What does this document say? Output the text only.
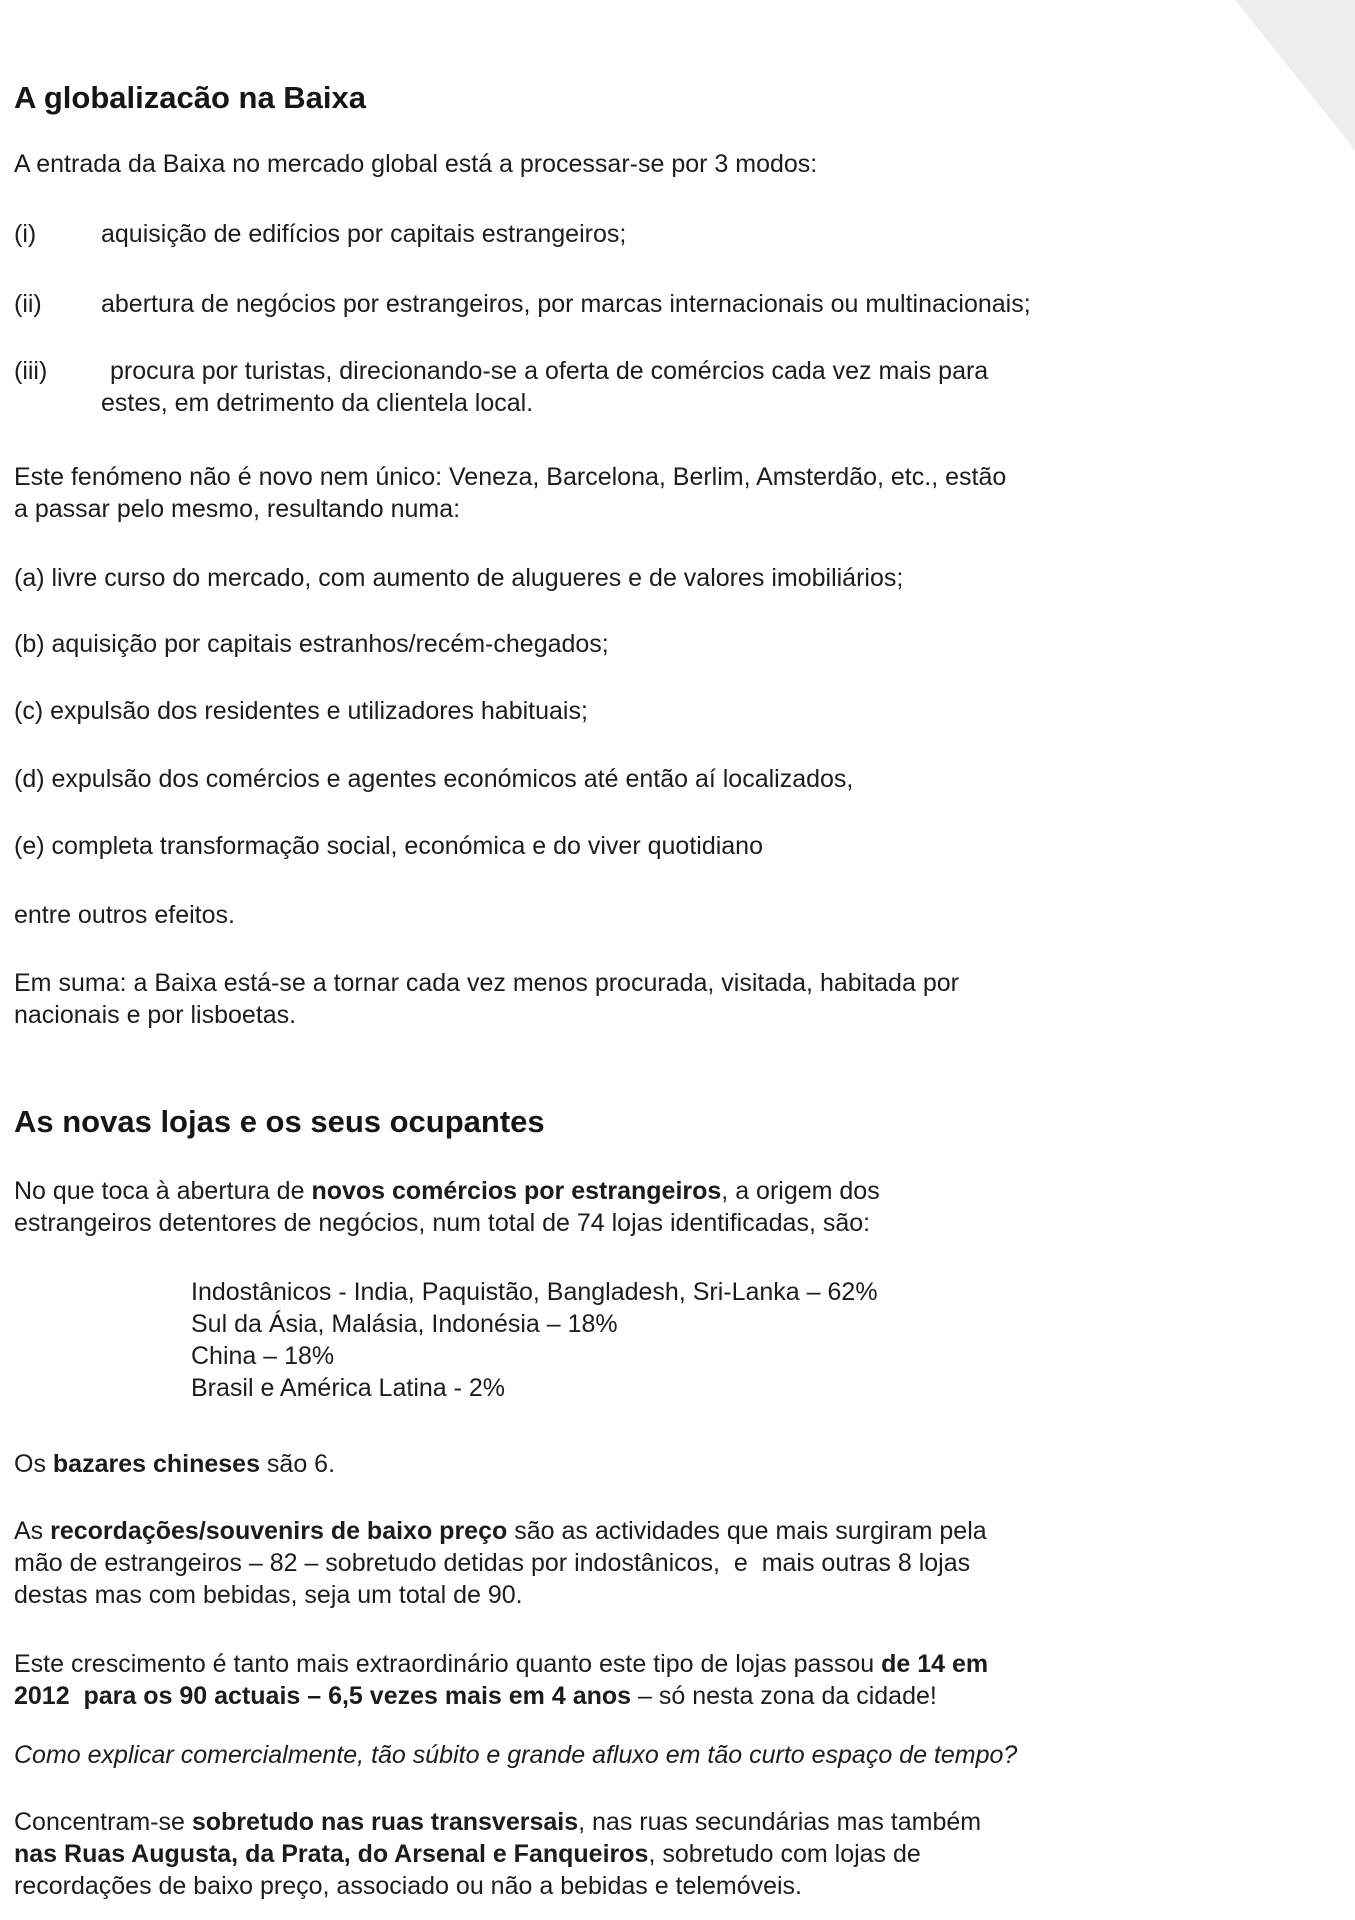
A globalizacão na Baixa

A entrada da Baixa no mercado global está a processar-se por 3 modos:

(i)	aquisição de edifícios por capitais estrangeiros;
(ii) abertura de negócios por estrangeiros, por marcas internacionais ou multinacionais;
(iii)	procura por turistas, direcionando-se a oferta de comércios cada vez mais para
estes, em detrimento da clientela local.
Este fenómeno não é novo nem único: Veneza, Barcelona, Berlim, Amsterdão, etc., estão
a passar pelo mesmo, resultando numa:

(a) livre curso do mercado, com aumento de alugueres e de valores imobiliários;

(b) aquisição por capitais estranhos/recém-chegados;

(c) expulsão dos residentes e utilizadores habituais;

(d) expulsão dos comércios e agentes económicos até então aí localizados,

(e) completa transformação social, económica e do viver quotidiano

entre outros efeitos.

Em suma: a Baixa está-se a tornar cada vez menos procurada, visitada, habitada por
nacionais e por lisboetas.
As novas lojas e os seus ocupantes
No que toca à abertura de novos comércios por estrangeiros, a origem dos
estrangeiros detentores de negócios, num total de 74 lojas identificadas, são:
Indostânicos - India, Paquistão, Bangladesh, Sri-Lanka – 62%
Sul da Ásia, Malásia, Indonésia – 18%
China – 18%
Brasil e América Latina - 2%

Os bazares chineses são 6.

As recordações/souvenirs de baixo preço são as actividades que mais surgiram pela
mão de estrangeiros – 82 – sobretudo detidas por indostânicos,  e  mais outras 8 lojas
destas mas com bebidas, seja um total de 90.
Este crescimento é tanto mais extraordinário quanto este tipo de lojas passou de 14 em
2012  para os 90 actuais – 6,5 vezes mais em 4 anos – só nesta zona da cidade!

Como explicar comercialmente, tão súbito e grande afluxo em tão curto espaço de tempo?

Concentram-se sobretudo nas ruas transversais, nas ruas secundárias mas também
nas Ruas Augusta, da Prata, do Arsenal e Fanqueiros, sobretudo com lojas de
recordações de baixo preço, associado ou não a bebidas e telemóveis.
